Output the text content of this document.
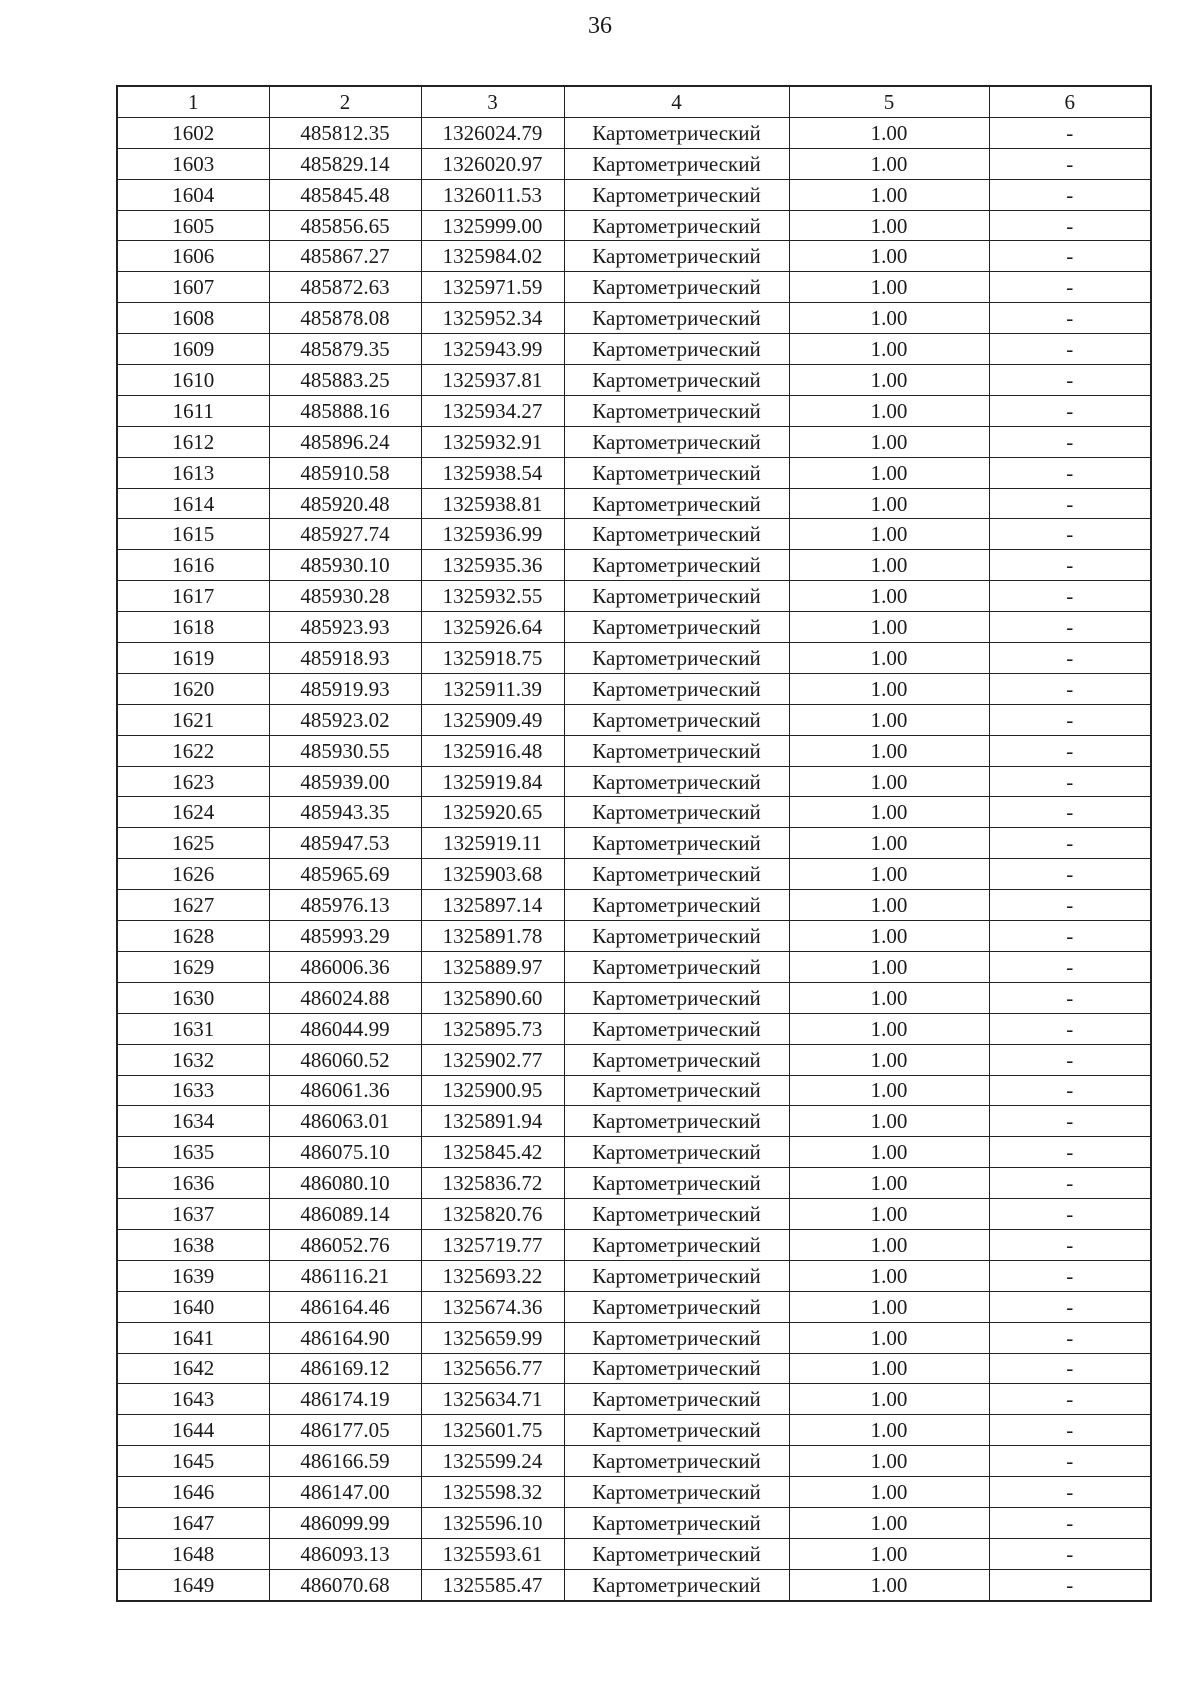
36
1	2	3	4	5	6
1602	485812.35	1326024.79	Картометрический	1.00	-
1603	485829.14	1326020.97	Картометрический	1.00	-
1604	485845.48	1326011.53	Картометрический	1.00	-
1605	485856.65	1325999.00	Картометрический	1.00	-
1606	485867.27	1325984.02	Картометрический	1.00	-
1607	485872.63	1325971.59	Картометрический	1.00	-
1608	485878.08	1325952.34	Картометрический	1.00	-
1609	485879.35	1325943.99	Картометрический	1.00	-
1610	485883.25	1325937.81	Картометрический	1.00	-
1611	485888.16	1325934.27	Картометрический	1.00	-
1612	485896.24	1325932.91	Картометрический	1.00	-
1613	485910.58	1325938.54	Картометрический	1.00	-
1614	485920.48	1325938.81	Картометрический	1.00	-
1615	485927.74	1325936.99	Картометрический	1.00	-
1616	485930.10	1325935.36	Картометрический	1.00	-
1617	485930.28	1325932.55	Картометрический	1.00	-
1618	485923.93	1325926.64	Картометрический	1.00	-
1619	485918.93	1325918.75	Картометрический	1.00	-
1620	485919.93	1325911.39	Картометрический	1.00	-
1621	485923.02	1325909.49	Картометрический	1.00	-
1622	485930.55	1325916.48	Картометрический	1.00	-
1623	485939.00	1325919.84	Картометрический	1.00	-
1624	485943.35	1325920.65	Картометрический	1.00	-
1625	485947.53	1325919.11	Картометрический	1.00	-
1626	485965.69	1325903.68	Картометрический	1.00	-
1627	485976.13	1325897.14	Картометрический	1.00	-
1628	485993.29	1325891.78	Картометрический	1.00	-
1629	486006.36	1325889.97	Картометрический	1.00	-
1630	486024.88	1325890.60	Картометрический	1.00	-
1631	486044.99	1325895.73	Картометрический	1.00	-
1632	486060.52	1325902.77	Картометрический	1.00	-
1633	486061.36	1325900.95	Картометрический	1.00	-
1634	486063.01	1325891.94	Картометрический	1.00	-
1635	486075.10	1325845.42	Картометрический	1.00	-
1636	486080.10	1325836.72	Картометрический	1.00	-
1637	486089.14	1325820.76	Картометрический	1.00	-
1638	486052.76	1325719.77	Картометрический	1.00	-
1639	486116.21	1325693.22	Картометрический	1.00	-
1640	486164.46	1325674.36	Картометрический	1.00	-
1641	486164.90	1325659.99	Картометрический	1.00	-
1642	486169.12	1325656.77	Картометрический	1.00	-
1643	486174.19	1325634.71	Картометрический	1.00	-
1644	486177.05	1325601.75	Картометрический	1.00	-
1645	486166.59	1325599.24	Картометрический	1.00	-
1646	486147.00	1325598.32	Картометрический	1.00	-
1647	486099.99	1325596.10	Картометрический	1.00	-
1648	486093.13	1325593.61	Картометрический	1.00	-
1649	486070.68	1325585.47	Картометрический	1.00	-
